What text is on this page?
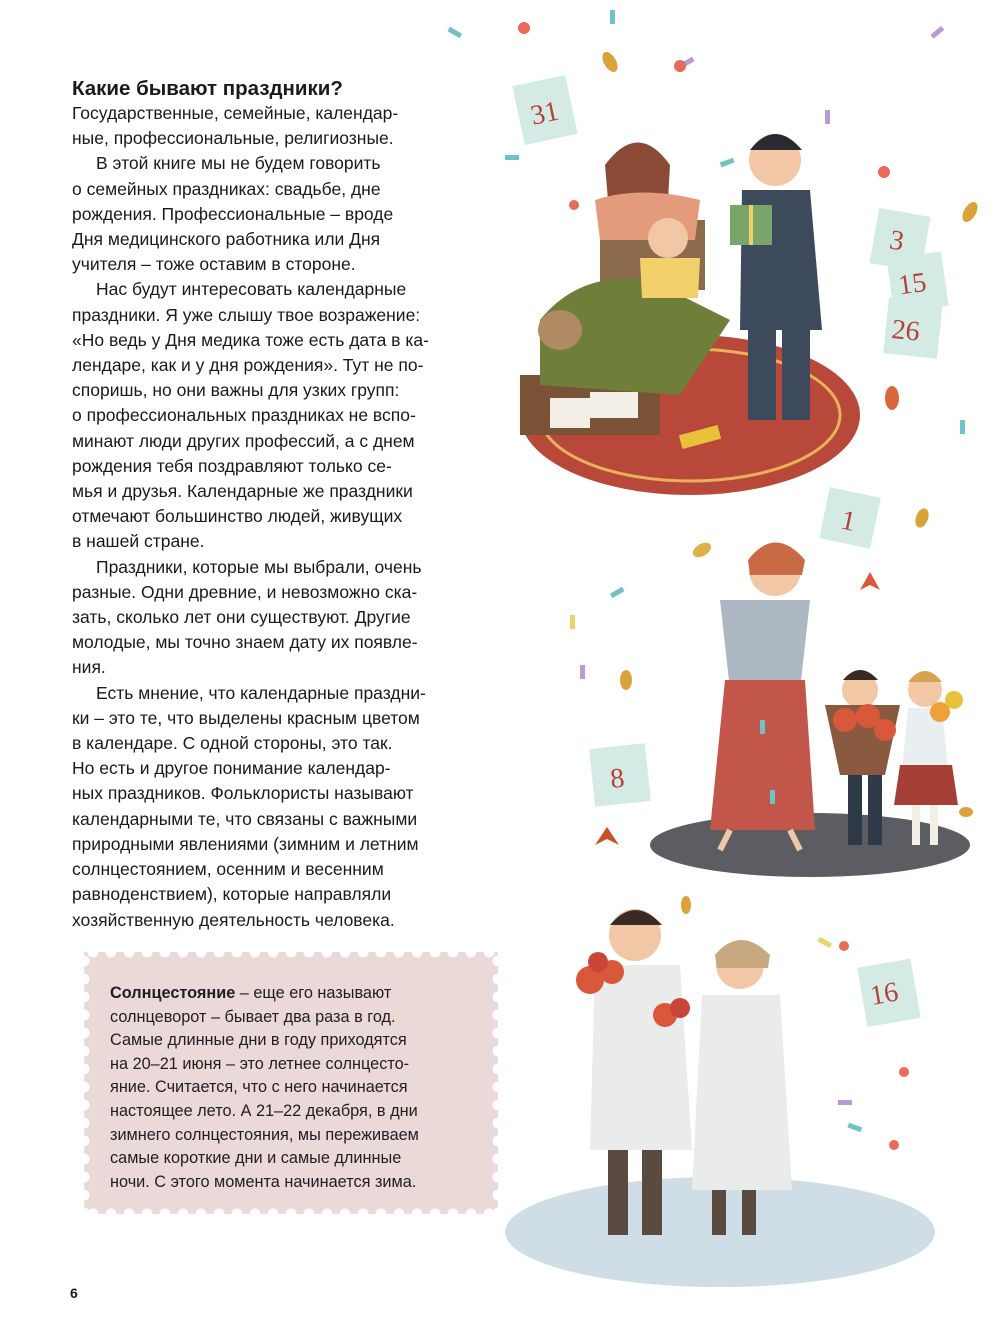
Какие бывают праздники?

Государственные, семейные, календар-
ные, профессиональные, религиозные.

В этой книге мы не будем говорить
о семейных праздниках: свадьбе, дне
рождения. Профессиональные – вроде
Дня медицинского работника или Дня
учителя – тоже оставим в стороне.

Нас будут интересовать календарные
праздники. Я уже слышу твое возражение:
«Но ведь у Дня медика тоже есть дата в ка-
лендаре, как и у дня рождения». Тут не по-
споришь, но они важны для узких групп:
о профессиональных праздниках не вспо-
минают люди других профессий, а с днем
рождения тебя поздравляют только се-
мья и друзья. Календарные же праздники
отмечают большинство людей, живущих
в нашей стране.

Праздники, которые мы выбрали, очень
разные. Одни древние, и невозможно ска-
зать, сколько лет они существуют. Другие
молодые, мы точно знаем дату их появле-
ния.

Есть мнение, что календарные праздни-
ки – это те, что выделены красным цветом
в календаре. С одной стороны, это так.
Но есть и другое понимание календар-
ных праздников. Фольклористы называют
календарными те, что связаны с важными
природными явлениями (зимним и летним
солнцестоянием, осенним и весенним
равноденствием), которые направляли
хозяйственную деятельность человека.

Солнцестояние – еще его называют
солнцеворот – бывает два раза в год.
Самые длинные дни в году приходятся
на 20–21 июня – это летнее солнцесто-
яние. Считается, что с него начинается
настоящее лето. А 21–22 декабря, в дни
зимнего солнцестояния, мы переживаем
самые короткие дни и самые длинные
ночи. С этого момента начинается зима.
6
31
3
15
26
1
8
16
